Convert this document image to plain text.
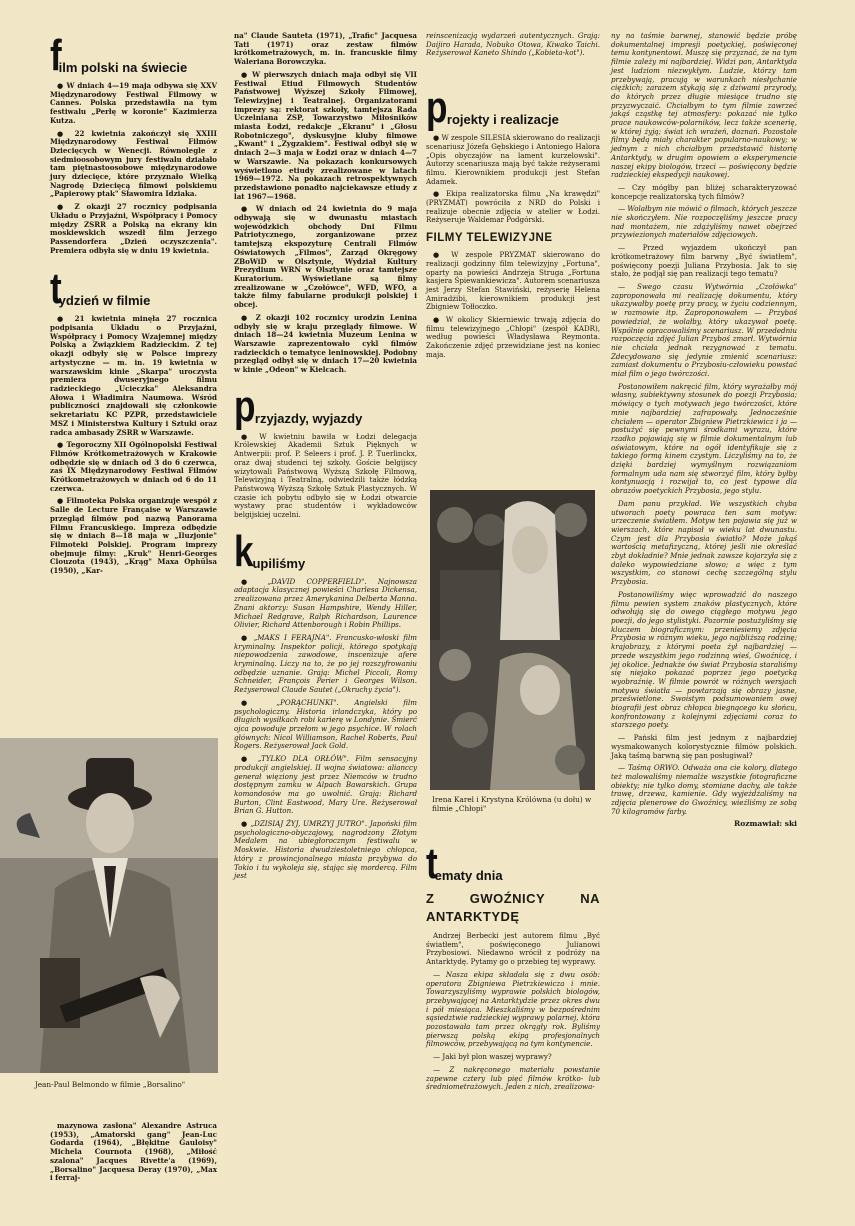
f
ilm polski na świecie

● W dniach 4—19 maja odbywa się XXV Międzynarodowy Festiwal Filmowy w Cannes. Polska przedstawiła na tym festiwalu „Perłę w koronie" Kazimierza Kutza.

● 22 kwietnia zakończył się XXIII Międzynarodowy Festiwal Filmów Dziecięcych w Wenecji. Równolegle z siedmioosobowym jury festiwalu działało tam piętnastoosobowe międzynarodowe jury dziecięce, które przyznało Wielką Nagrodę Dziecięcą filmowi polskiemu „Papierowy ptak" Sławomira Idziaka.

● Z okazji 27 rocznicy podpisania Układu o Przyjaźni, Współpracy i Pomocy między ZSRR a Polską na ekrany kin moskiewskich wszedł film Jerzego Passendorfera „Dzień oczyszczenia". Premiera odbyła się w dniu 19 kwietnia.

t
ydzień w filmie

● 21 kwietnia minęła 27 rocznica podpisania Układu o Przyjaźni, Współpracy i Pomocy Wzajemnej między Polską a Związkiem Radzieckim. Z tej okazji odbyły się w Polsce imprezy artystyczne — m. in. 19 kwietnia w warszawskim kinie „Skarpa" uroczysta premiera dwuseryjnego filmu radzieckiego „Ucieczka" Aleksandra Ałowa i Władimira Naumowa. Wśród publiczności znajdowali się członkowie sekretariatu KC PZPR, przedstawiciele MSZ i Ministerstwa Kultury i Sztuki oraz radca ambasady ZSRR w Warszawie.

● Tegoroczny XII Ogólnopolski Festiwal Filmów Krótkometrażowych w Krakowie odbędzie się w dniach od 3 do 6 czerwca, zaś IX Międzynarodowy Festiwal Filmów Krótkometrażowych w dniach od 6 do 11 czerwca.

● Filmoteka Polska organizuje wespół z Salle de Lecture Française w Warszawie przegląd filmów pod nazwą Panorama Filmu Francuskiego. Impreza odbędzie się w dniach 8—18 maja w „Iluzjonie" Filmoteki Polskiej. Program imprezy obejmuje filmy: „Kruk" Henri-Georges Clouzota (1943), „Krąg" Maxa Ophülsa (1950), „Kar-

Jean-Paul Belmondo w filmie „Borsalino"

mazynowa zasłona" Alexandre Astruca (1953), „Amatorski gang" Jean-Luc Godarda (1964), „Błękitne Gauloisy" Michela Cournota (1968), „Miłość szalona" Jacques Rivette'a (1969), „Borsalino" Jacquesa Deray (1970), „Max i ferraj-

na" Claude Sauteta (1971), „Trafic" Jacquesa Tati (1971) oraz zestaw filmów krótkometrażowych, m. in. francuskie filmy Waleriana Borowczyka.

● W pierwszych dniach maja odbył się VII Festiwal Etiud Filmowych Studentów Państwowej Wyższej Szkoły Filmowej, Telewizyjnej i Teatralnej. Organizatorami imprezy są: rektorat szkoły, tamtejsza Rada Uczelniana ZSP, Towarzystwo Miłośników miasta Łodzi, redakcje „Ekranu" i „Głosu Robotniczego", dyskusyjne kluby filmowe „Kwant" i „Zygzakiem". Festiwal odbył się w dniach 2—3 maja w Łodzi oraz w dniach 4—7 w Warszawie. Na pokazach konkursowych wyświetlono etiudy zrealizowane w latach 1969—1972. Na pokazach retrospektywnych przedstawiono ponadto najciekawsze etiudy z lat 1967—1968.

● W dniach od 24 kwietnia do 9 maja odbywają się w dwunastu miastach wojewódzkich obchody Dni Filmu Patriotycznego, zorganizowane przez tamtejszą ekspozyturę Centrali Filmów Oświatowych „Filmos", Zarząd Okręgowy ZBoWiD w Olsztynie, Wydział Kultury Prezydium WRN w Olsztynie oraz tamtejsze Kuratorium. Wyświetlane są filmy zrealizowane w „Czołówce", WFD, WFO, a także filmy fabularne produkcji polskiej i obcej.

● Z okazji 102 rocznicy urodzin Lenina odbyły się w kraju przeglądy filmowe. W dniach 18—24 kwietnia Muzeum Lenina w Warszawie zaprezentowało cykl filmów radzieckich o tematyce leninowskiej. Podobny przegląd odbył się w dniach 17—20 kwietnia w kinie „Odeon" w Kielcach.

p rzyjazdy, wyjazdy

● W kwietniu bawiła w Łodzi delegacja Królewskiej Akademii Sztuk Pięknych w Antwerpii: prof. P. Seleers i prof. J. P. Tuerlinckx, oraz dwaj studenci tej szkoły. Goście belgijscy wizytowali Państwową Wyższą Szkołę Filmową, Telewizyjną i Teatralną, odwiedzili także łódzką Państwową Wyższą Szkołę Sztuk Plastycznych. W czasie ich pobytu odbyło się w Łodzi otwarcie wystawy prac studentów i wykładowców belgijskiej uczelni.

k
upiliśmy

● „DAVID COPPERFIELD". Najnowsza adaptacja klasycznej powieści Charlesa Dickensa, zrealizowana przez Amerykanina Delberta Manna. Znani aktorzy: Susan Hampshire, Wendy Hiller, Michael Redgrave, Ralph Richardson, Laurence Olivier, Richard Attenborough i Robin Phillips.

● „MAKS I FERAJNA". Francusko-włoski film kryminalny. Inspektor policji, którego spotykają niepowodzenia zawodowe, inscenizuje afere kryminalną. Liczy na to, że po jej rozszyfrowaniu odbędzie uznanie. Grają: Michel Piccoli, Romy Schneider, François Perier i Georges Wilson. Reżyserowal Claude Sautet („Okruchy życia").

● „PORĄCHUNKI". Angielski film psychologiczny. Historia irlandczyka, który po długich wysiłkach robi karierę w Londynie. Śmierć ojca powoduje przełom w jego psychice. W rolach głównych: Nicol Williamson, Rachel Roberts, Paul Rogers. Reżyserował Jack Gold.

● „TYLKO DLA ORŁÓW". Film sensacyjny produkcji angielskiej. II wojna światowa: alianccy generał więziony jest przez Niemców w trudno dostępnym zamku w Alpach Bawarskich. Grupa komandosów ma go uwolnić. Grają: Richard Burton, Clint Eastwood, Mary Ure. Reżyserował Brian G. Hutton.

● „DZISIAJ ŻYJ, UMRZYJ JUTRO". Japoński film psychologiczno-obyczajowy, nagrodzony Złotym Medalem na ubiegłorocznym festiwalu w Moskwie. Historia dwudziestoletniego chłopca, który z prowincjonalnego miasta przybywa do Tokio i tu wykoleja się, stając się mordercą. Film jest

reinscenizacją wydarzeń autentycznych. Grają: Daijiro Harada, Nobuko Otowa, Kiwako Taichi. Reżyserował Kaneto Shindo („Kobieta-kot").

p rojekty i realizacje

● W zespole SILESIA skierowano do realizacji scenariusz Józefa Gębskiego i Antoniego Halora „Opis obyczajów na lament kurzelowski". Autorzy scenariusza mają być także reżyserami filmu. Kierownikiem produkcji jest Stefan Adamek.

● Ekipa realizatorska filmu „Na krawędzi" (PRYZMAT) powróciła z NRD do Polski i realizuje obecnie zdjęcia w atelier w Łodzi. Reżyseruje Waldemar Podgórski.

FILMY TELEWIZYJNE

● W zespole PRYZMAT skierowano do realizacji godzinny film telewizyjny „Fortuna", oparty na powieści Andrzeja Struga „Fortuna kasjera Śpiewankiewicza". Autorem scenariusza jest Jerzy Stefan Stawiński, reżyserię Helena Amiradżibi, kierownikiem produkcji jest Zbigniew Tołłoczko.

● W okolicy Skierniewic trwają zdjęcia do filmu telewizyjnego „Chłopi" (zespół KADR), według powieści Władysława Reymonta. Zakończenie zdjęć przewidziane jest na koniec maja.

Irena Karel i Krystyna Królówna (u dołu) w filmie „Chłopi"
t
ematy dnia
Z GWOŹNICY NA ANTARKTYDĘ

Andrzej Berbecki jest autorem filmu „Być światłem", poświęconego Julianowi Przybosiowi. Niedawno wrócił z podróży na Antarktydę. Pytamy go o przebieg tej wyprawy.

— Nasza ekipa składała się z dwu osób: operatora Zbigniewa Pietrzkiewicza i mnie. Towarzyszyliśmy wyprawie polskich biologów, przebywającej na Antarktydzie przez okres dwu i pół miesiąca. Mieszkaliśmy w bezpośrednim sąsiedztwie radzieckiej wyprawy polarnej, która pozostawała tam przez okrągły rok. Byliśmy pierwszą polską ekipą profesjonalnych filmowców, przebywającą na tym kontynencie.

— Jaki był plon waszej wyprawy?

— Z nakręconego materiału powstanie zapewne cztery lub pięć filmów krótko- lub średniometrażowych. Jeden z nich, zrealizowa-

ny na taśmie barwnej, stanowić będzie próbę dokumentalnej impresji poetyckiej, poświęconej temu kontynentowi. Muszę się przyznać, że na tym filmie zależy mi najbardziej. Widzi pan, Antarktyda jest ludziom niezwykłym. Ludzie, którzy tam przebywają, pracują w warunkach niesłychanie ciężkich; zarazem stykają się z dziwami przyrody, do których przez długie miesiące trudno się przyzwyczaić. Chciałbym to tym filmie zawrzeć jakąś cząstkę tej atmosfery: pokazać nie tylko prace naukowców-polarników, lecz także scenerię, w której żyją; świat ich wrażeń, doznań. Pozostałe filmy będą miały charakter popularno-naukowy; w jednym z nich chciałbym przedstawić historię Antarktydy, w drugim opowiem o eksperymencie naszej ekipy biologów, trzeci — poświęcony będzie radzieckiej ekspedycji naukowej.

— Czy mógłby pan bliżej scharakteryzować koncepcje realizatorską tych filmów?

— Wolałbym nie mówić o filmach, których jeszcze nie skończyłem. Nie rozpoczęliśmy jeszcze pracy nad montażem, nie zdążyliśmy nawet obejrzeć przywiezionych materiałów zdjęciowych.

— Przed wyjazdem ukończył pan krótkometrażowy film barwny „Być światłem", poświęcony poezji Juliana Przybosia. Jak to się stało, że podjął się pan realizacji tego tematu?

— Swego czasu Wytwórnia „Czołówka" zaproponowała mi realizację dokumentu, który ukazywałby poetę przy pracy, w życiu codziennym, w rozmowie itp. Zaproponowałem — Przyboś powiedział, że wolałby, który ukazywał poetę. Wspólnie opracowaliśmy scenariusz. W przededniu rozpoczęcia zdjęć Julian Przyboś zmarł. Wytwórnia nie chciała jednak rezygnować z tematu. Zdecydowano się jedynie zmienić scenariusz: zamiast dokumentu o Przybosiu-człowieku powstać miał film o jego twórczości.

Postanowiłem nakręcić film, który wyrażałby mój własny, subiektywny stosunek do poezji Przybosia; mówiący o tych motywach jego twórczości, które mnie najbardziej zafrapowały. Jednocześnie chciałem — operator Zbigniew Pietrzkiewicz i ja — postużyć się pewnymi środkami wyrazu, które rzadko pojawiają się w filmie dokumentalnym lub oświatowym, które na ogół identyfikuje się z takiego formą kinem czystym. Liczyliśmy na to, że dzięki bardziej wymyślnym rozwiązaniom formalnym uda nam się stworzyć film, który byłby kontynuacją i rozwijał to, co jest typowe dla obrazów poetyckich Przybosia, jego stylu.

Dam panu przykład. We wszystkich chyba utworach poety powraca ten sam motyw: urzeczenie światłem. Motyw ten pojawia się już w wierszach, które napisał w wieku lat dwunastu. Czym jest dla Przybosia światło? Może jakąś wartością metafizyczną, której jeśli nie określać zbyt dokładnie? Mnie jednak zawsze kojarzyła się z daleko wypowiedziane słowo; a więc z tym wszystkim, co stanowi cechę szczególną stylu Przybosia.

Postanowiliśmy więc wprowadzić do naszego filmu pewien system znaków plastycznych, które odwołują się do owego ciągłego motywu jego poezji, do jego stylistyki. Pozornie postużyliśmy się kluczem biograficznym: przeniesiemy zdjęcia Przybosia w różnym wieku, jego najbliższą rodzinę; krajobrazy, z którymi poeta żył najbardziej — przede wszystkim jego rodzinną wieś, Gwoźnicę, i jej okolice. Jednakże ów świat Przybosia staraliśmy się niejako pokazać poprzez jego poetycką wyobraźnię. W filmie powrót w różnych wersjach motywu światła — powtarzają się obrazy jasne, prześwietlone. Swoistym podsumowaniem owej biografii jest obraz chłopca biegnącego ku słońcu, konfrontowany z kolejnymi zdjęciami coraz to starszego poety.

— Pański film jest jednym z najbardziej wysmakowanych kolorystycznie filmów polskich. Jaką taśmą barwną się pan posługiwał?

— Taśmą ORWO. Odważa ona cie kolory, dlatego też malowaliśmy niemalże wszystkie fotograficzne obiekty; nie tylko domy, stomiane dachy, ale także trawę, drzewa, kamienie. Gdy wyjeżdżaliśmy na zdjęcia plenerowe do Gwoźnicy, wieźliśmy ze sobą 70 kilogramów farby.

Rozmawiał: ski
